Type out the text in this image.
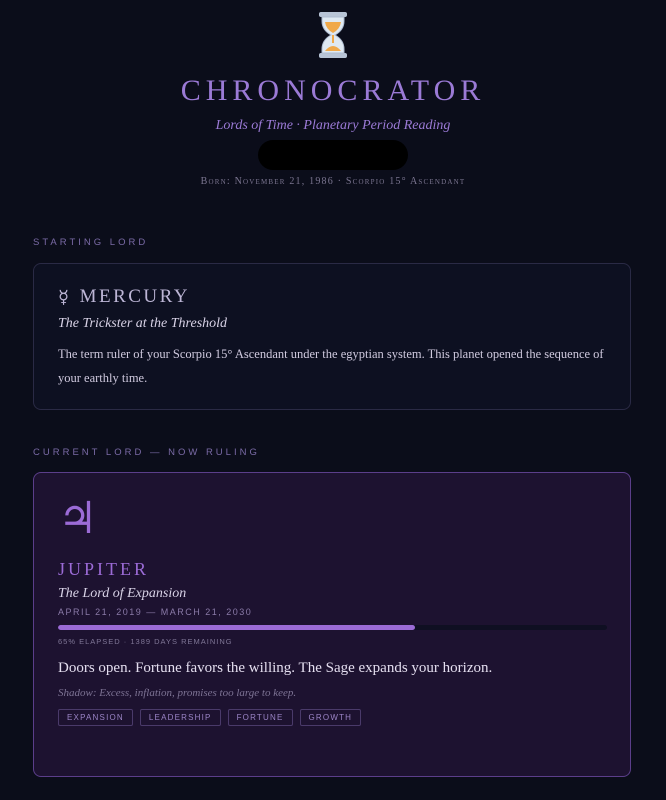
CHRONOCRATOR
Lords of Time · Planetary Period Reading
Born: November 21, 1986 · Scorpio 15° Ascendant
STARTING LORD
☿ MERCURY
The Trickster at the Threshold
The term ruler of your Scorpio 15° Ascendant under the egyptian system. This planet opened the sequence of your earthly time.
CURRENT LORD — NOW RULING
♃
JUPITER
The Lord of Expansion
APRIL 21, 2019 — MARCH 21, 2030
65% ELAPSED · 1389 DAYS REMAINING
Doors open. Fortune favors the willing. The Sage expands your horizon.
Shadow: Excess, inflation, promises too large to keep.
EXPANSION	LEADERSHIP	FORTUNE	GROWTH
